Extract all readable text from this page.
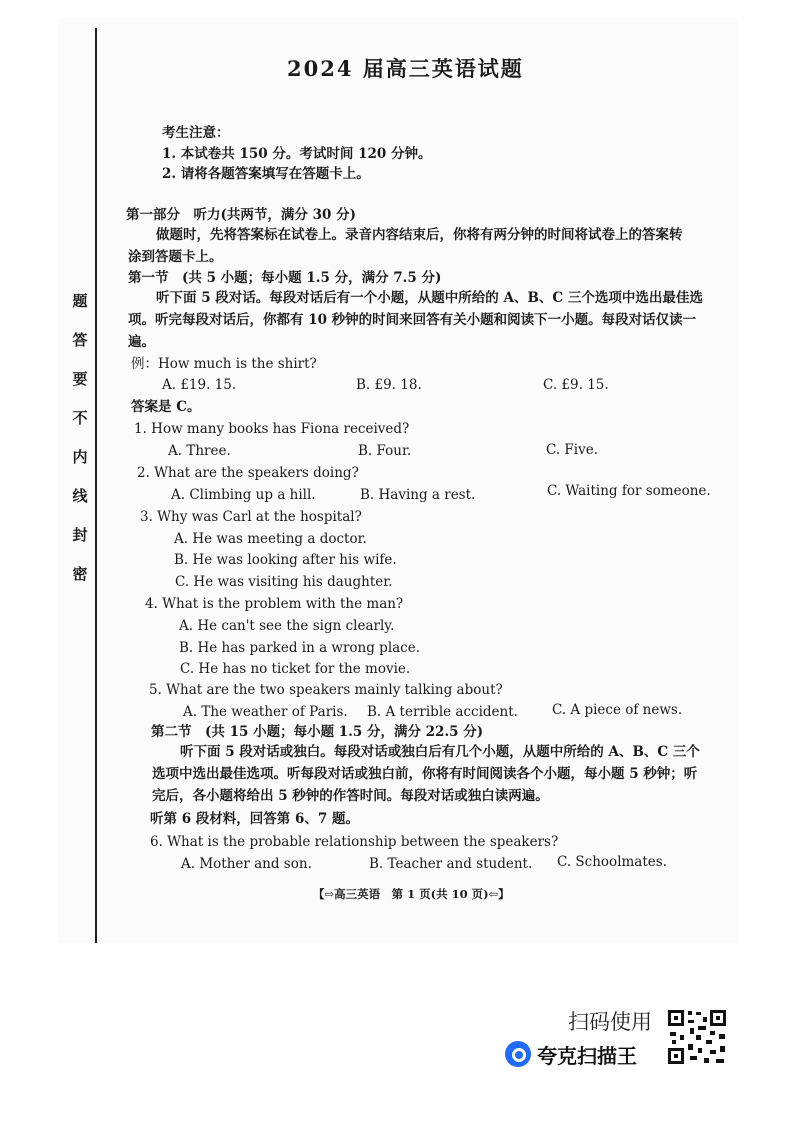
题
答
要
不
内
线
封
密
2024 届高三英语试题
考生注意：
1. 本试卷共 150 分。考试时间 120 分钟。
2. 请将各题答案填写在答题卡上。
第一部分　听力(共两节，满分 30 分)
做题时，先将答案标在试卷上。录音内容结束后，你将有两分钟的时间将试卷上的答案转
涂到答题卡上。
第一节　(共 5 小题；每小题 1.5 分，满分 7.5 分)
听下面 5 段对话。每段对话后有一个小题，从题中所给的 A、B、C 三个选项中选出最佳选项。听完每段对话后，你都有 10 秒钟的时间来回答有关小题和阅读下一小题。每段对话仅读一遍。
例：How much is the shirt?
A. £19. 15.	B. £9. 18.	C. £9. 15.
答案是 C。
1. How many books has Fiona received?
A. Three.	B. Four.	C. Five.
2. What are the speakers doing?
A. Climbing up a hill.	B. Having a rest.	C. Waiting for someone.
3. Why was Carl at the hospital?
A. He was meeting a doctor.
B. He was looking after his wife.
C. He was visiting his daughter.
4. What is the problem with the man?
A. He can't see the sign clearly.
B. He has parked in a wrong place.
C. He has no ticket for the movie.
5. What are the two speakers mainly talking about?
A. The weather of Paris. B. A terrible accident.	C. A piece of news.
第二节　(共 15 小题；每小题 1.5 分，满分 22.5 分)
听下面 5 段对话或独白。每段对话或独白后有几个小题，从题中所给的 A、B、C 三个选项中选出最佳选项。听每段对话或独白前，你将有时间阅读各个小题，每小题 5 秒钟；听完后，各小题将给出 5 秒钟的作答时间。每段对话或独白读两遍。
听第 6 段材料，回答第 6、7 题。
6. What is the probable relationship between the speakers?
A. Mother and son.	B. Teacher and student. C. Schoolmates.
【⇨高三英语　第 1 页(共 10 页)⇦】
扫码使用
夸克扫描王
